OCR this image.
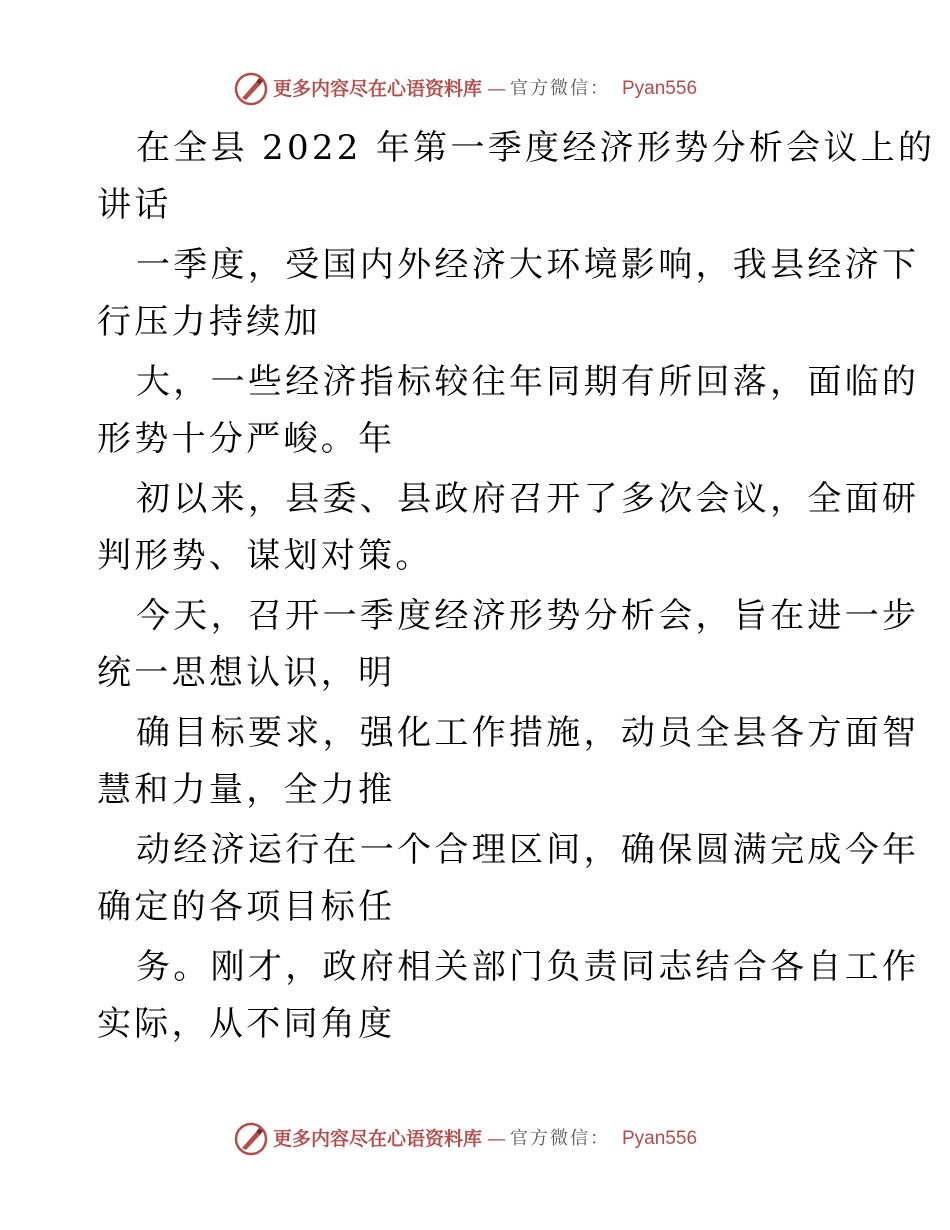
更多内容尽在心语资料库 — 官方微信： Pyan556
在全县 2022 年第一季度经济形势分析会议上的
讲话
一季度，受国内外经济大环境影响，我县经济下
行压力持续加
大，一些经济指标较往年同期有所回落，面临的
形势十分严峻。年
初以来，县委、县政府召开了多次会议，全面研
判形势、谋划对策。
今天，召开一季度经济形势分析会，旨在进一步
统一思想认识，明
确目标要求，强化工作措施，动员全县各方面智
慧和力量，全力推
动经济运行在一个合理区间，确保圆满完成今年
确定的各项目标任
务。刚才，政府相关部门负责同志结合各自工作
实际，从不同角度
更多内容尽在心语资料库 — 官方微信： Pyan556
